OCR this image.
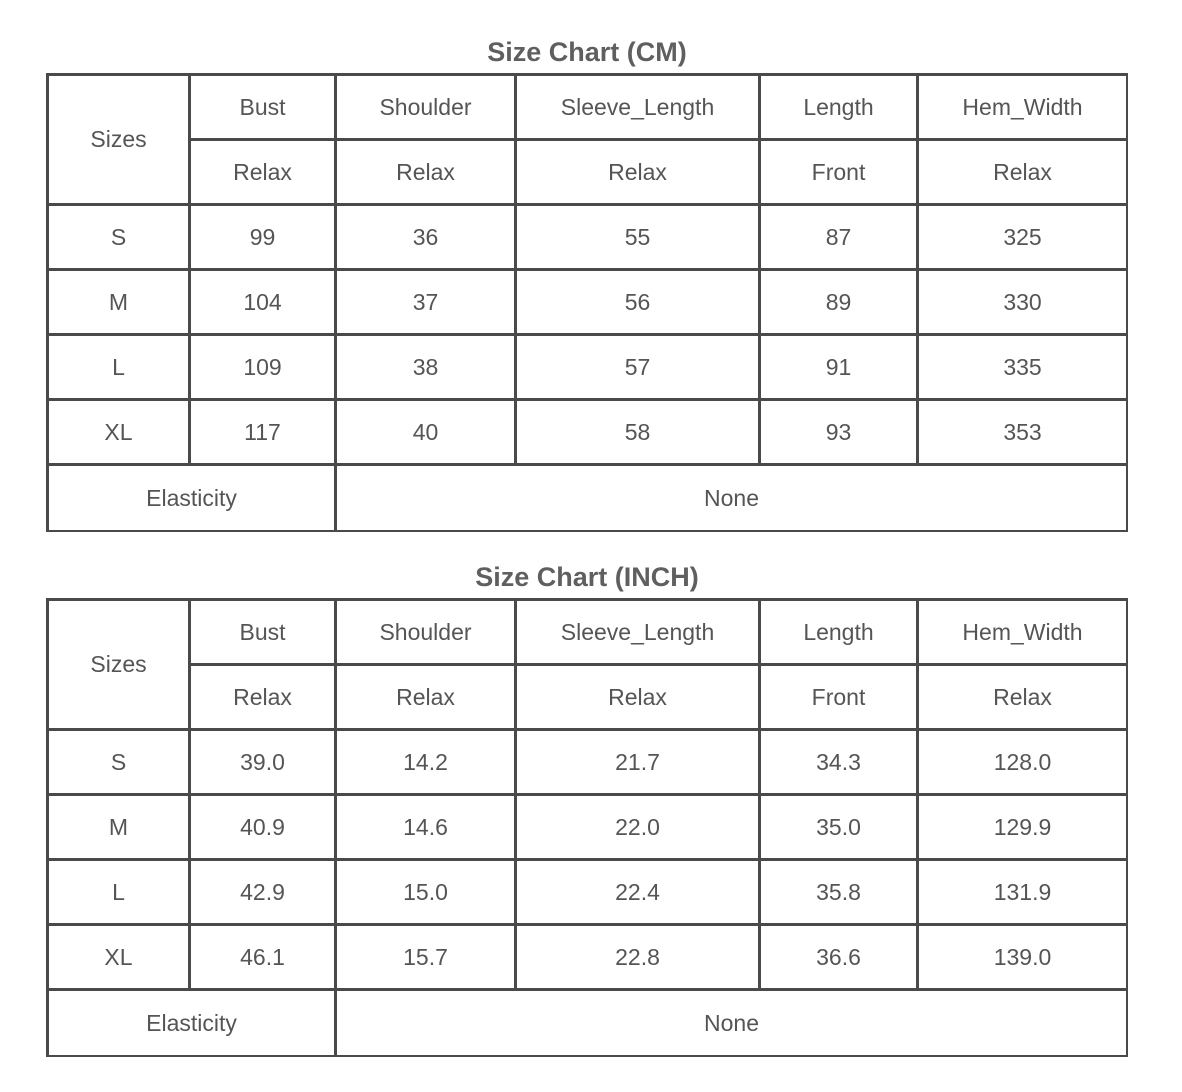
Size Chart (CM)
Sizes	Bust	Shoulder	Sleeve_Length	Length	Hem_Width
	Relax	Relax	Relax	Front	Relax
S	99	36	55	87	325
M	104	37	56	89	330
L	109	38	57	91	335
XL	117	40	58	93	353
Elasticity		None			
Size Chart (INCH)
Sizes	Bust	Shoulder	Sleeve_Length	Length	Hem_Width
	Relax	Relax	Relax	Front	Relax
S	39.0	14.2	21.7	34.3	128.0
M	40.9	14.6	22.0	35.0	129.9
L	42.9	15.0	22.4	35.8	131.9
XL	46.1	15.7	22.8	36.6	139.0
Elasticity		None			
